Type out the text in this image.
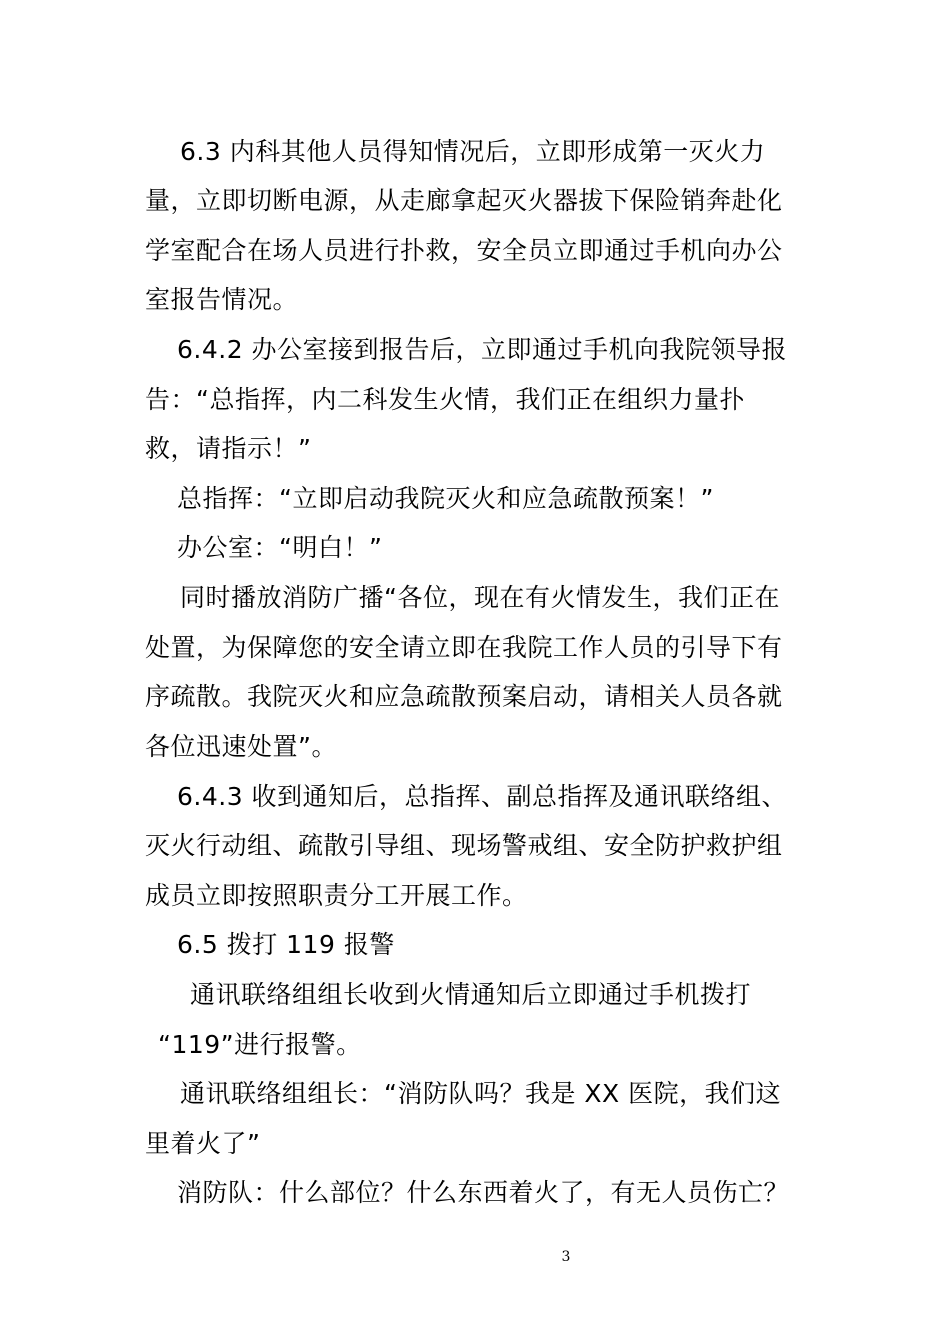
6.3 内科其他人员得知情况后，立即形成第一灭火力

量，立即切断电源，从走廊拿起灭火器拔下保险销奔赴化

学室配合在场人员进行扑救，安全员立即通过手机向办公

室报告情况。

6.4.2 办公室接到报告后，立即通过手机向我院领导报

告：“总指挥，内二科发生火情，我们正在组织力量扑

救，请指示！”

总指挥：“立即启动我院灭火和应急疏散预案！”

办公室：“明白！”

同时播放消防广播“各位，现在有火情发生，我们正在

处置，为保障您的安全请立即在我院工作人员的引导下有

序疏散。我院灭火和应急疏散预案启动，请相关人员各就

各位迅速处置”。

6.4.3 收到通知后，总指挥、副总指挥及通讯联络组、

灭火行动组、疏散引导组、现场警戒组、安全防护救护组

成员立即按照职责分工开展工作。

6.5 拨打 119 报警

通讯联络组组长收到火情通知后立即通过手机拨打

“119”进行报警。

通讯联络组组长：“消防队吗？我是 XX 医院，我们这

里着火了”

消防队：什么部位？什么东西着火了，有无人员伤亡？

3
